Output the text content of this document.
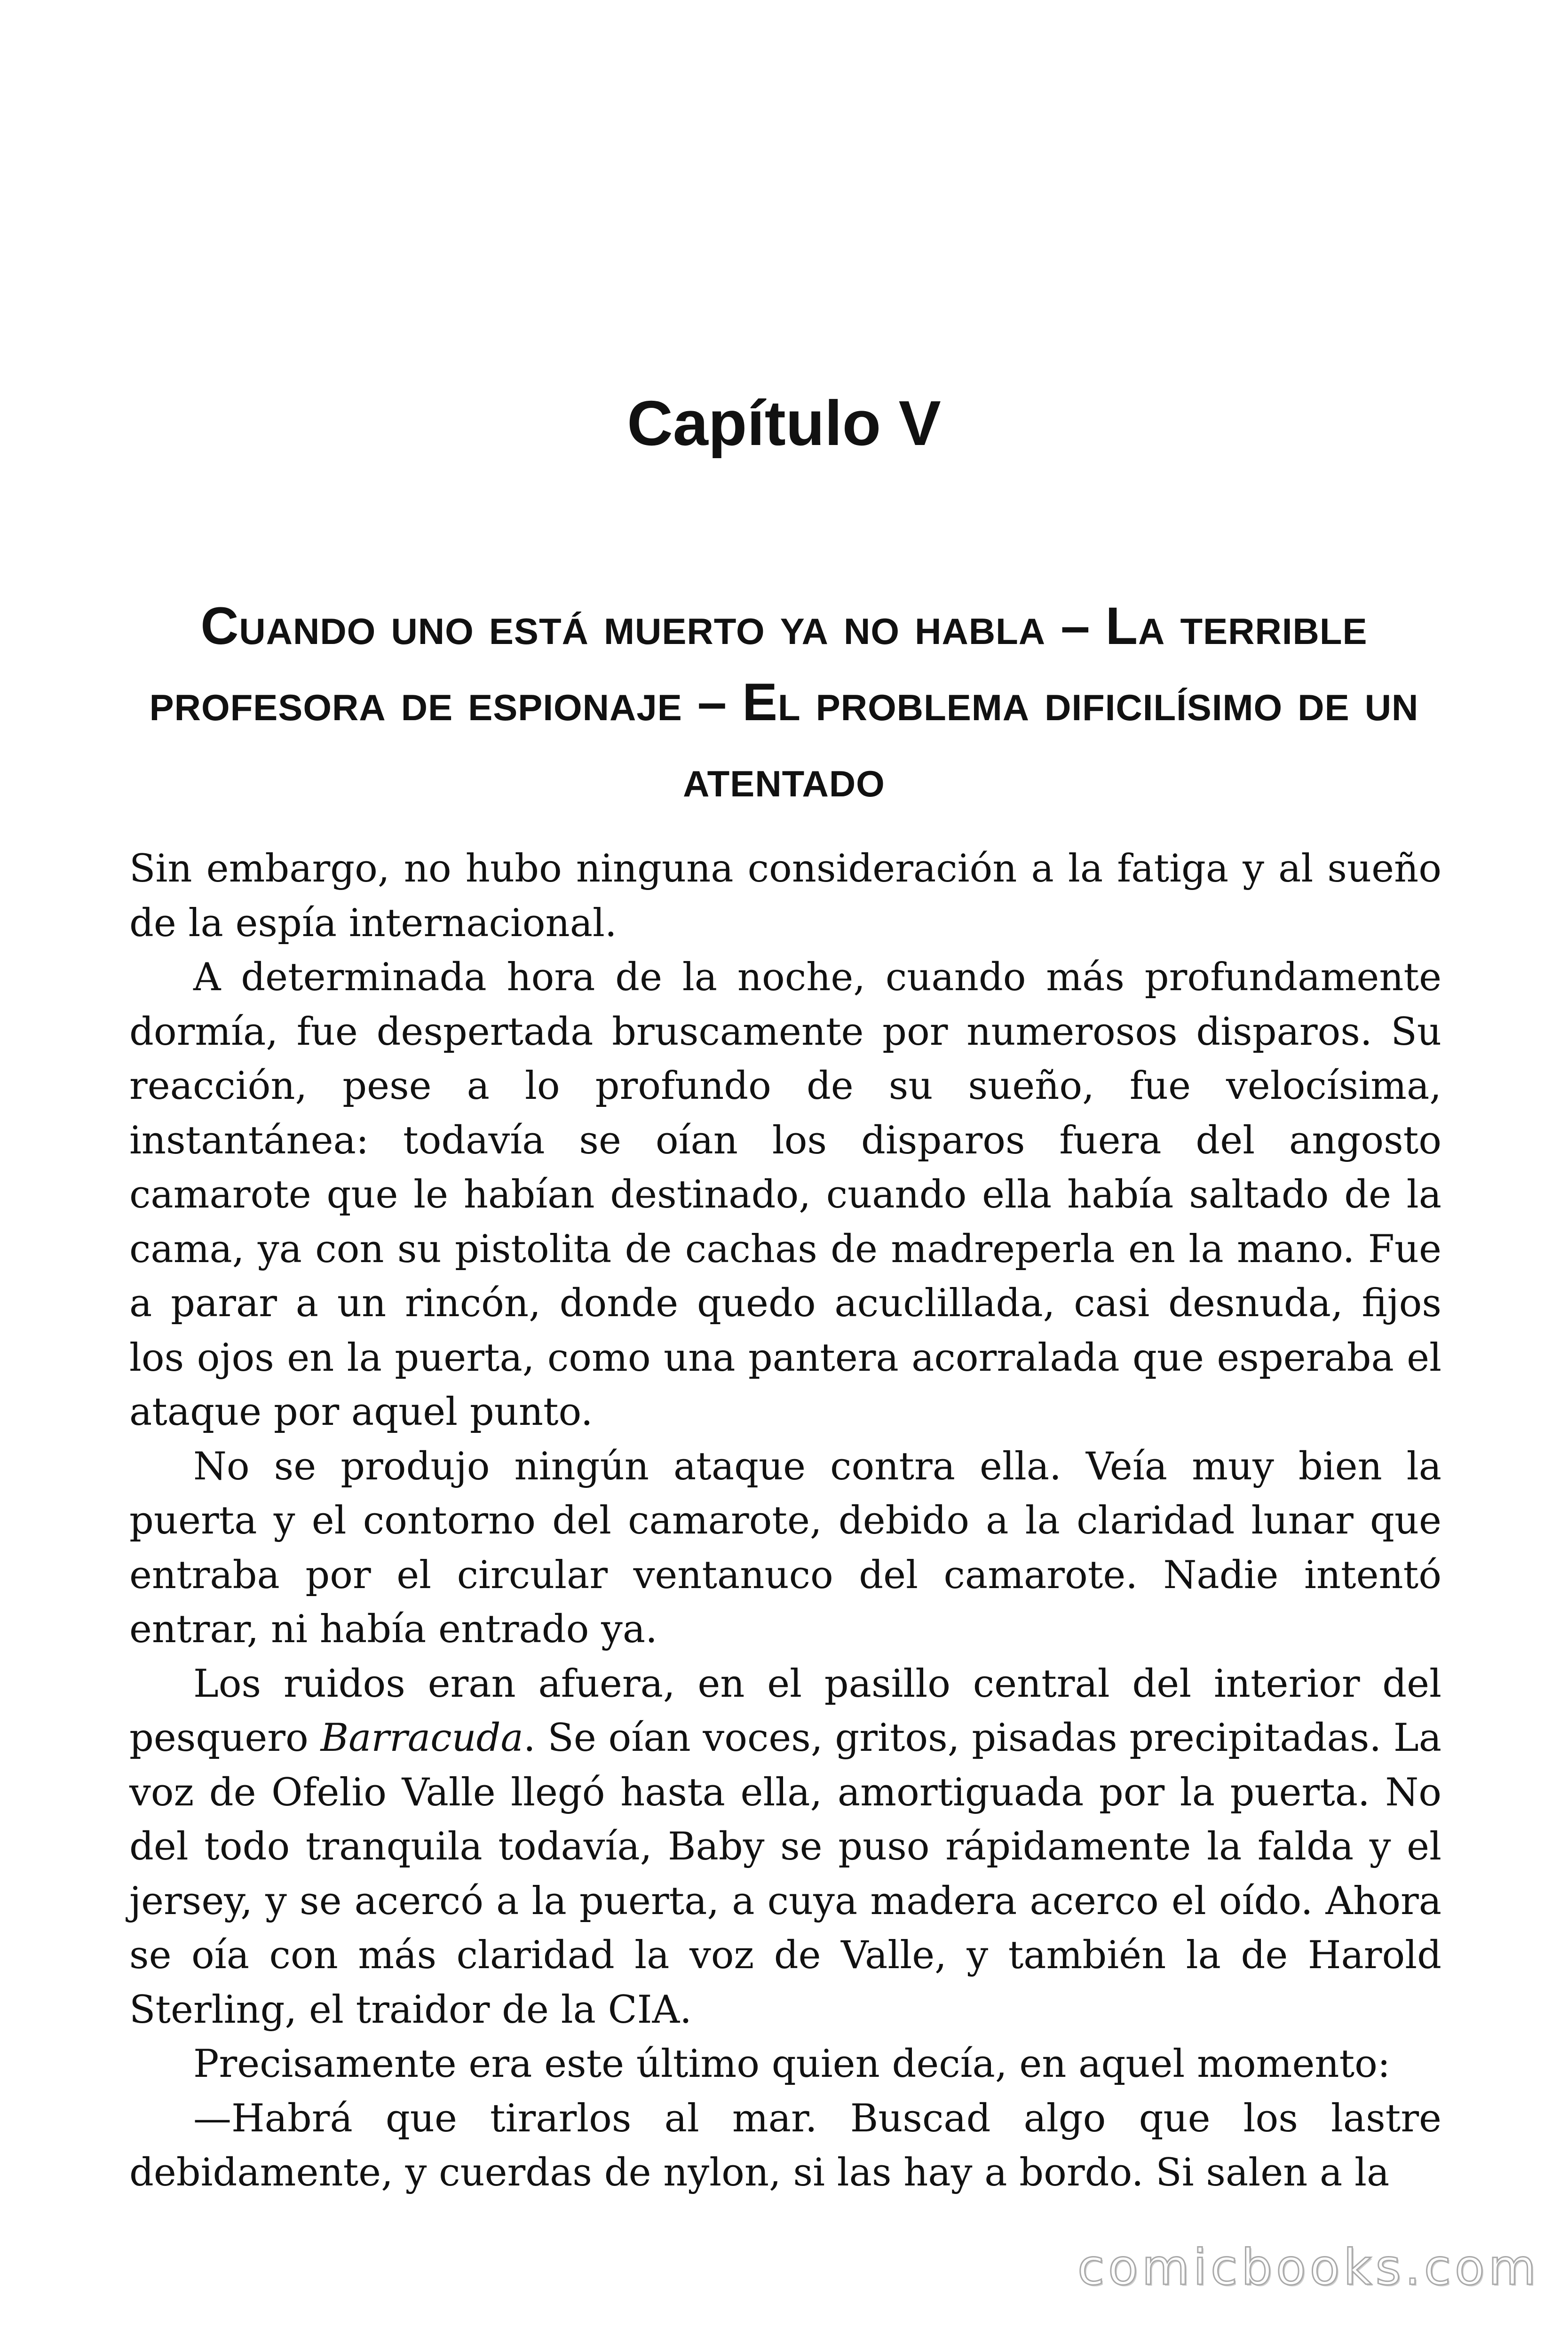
Capítulo V
Cuando uno está muerto ya no habla – La terrible profesora de espionaje – El problema dificilísimo de un atentado

Sin embargo, no hubo ninguna consideración a la fatiga y al sueño de la espía internacional.

A determinada hora de la noche, cuando más profundamente dormía, fue despertada bruscamente por numerosos disparos. Su reacción, pese a lo profundo de su sueño, fue velocísima, instantánea: todavía se oían los disparos fuera del angosto camarote que le habían destinado, cuando ella había saltado de la cama, ya con su pistolita de cachas de madreperla en la mano. Fue a parar a un rincón, donde quedo acuclillada, casi desnuda, fijos los ojos en la puerta, como una pantera acorralada que esperaba el ataque por aquel punto.

No se produjo ningún ataque contra ella. Veía muy bien la puerta y el contorno del camarote, debido a la claridad lunar que entraba por el circular ventanuco del camarote. Nadie intentó entrar, ni había entrado ya.

Los ruidos eran afuera, en el pasillo central del interior del pesquero Barracuda. Se oían voces, gritos, pisadas precipitadas. La voz de Ofelio Valle llegó hasta ella, amortiguada por la puerta. No del todo tranquila todavía, Baby se puso rápidamente la falda y el jersey, y se acercó a la puerta, a cuya madera acerco el oído. Ahora se oía con más claridad la voz de Valle, y también la de Harold Sterling, el traidor de la CIA.

Precisamente era este último quien decía, en aquel momento:

—Habrá que tirarlos al mar. Buscad algo que los lastre debidamente, y cuerdas de nylon, si las hay a bordo. Si salen a la

comicbooks.com
